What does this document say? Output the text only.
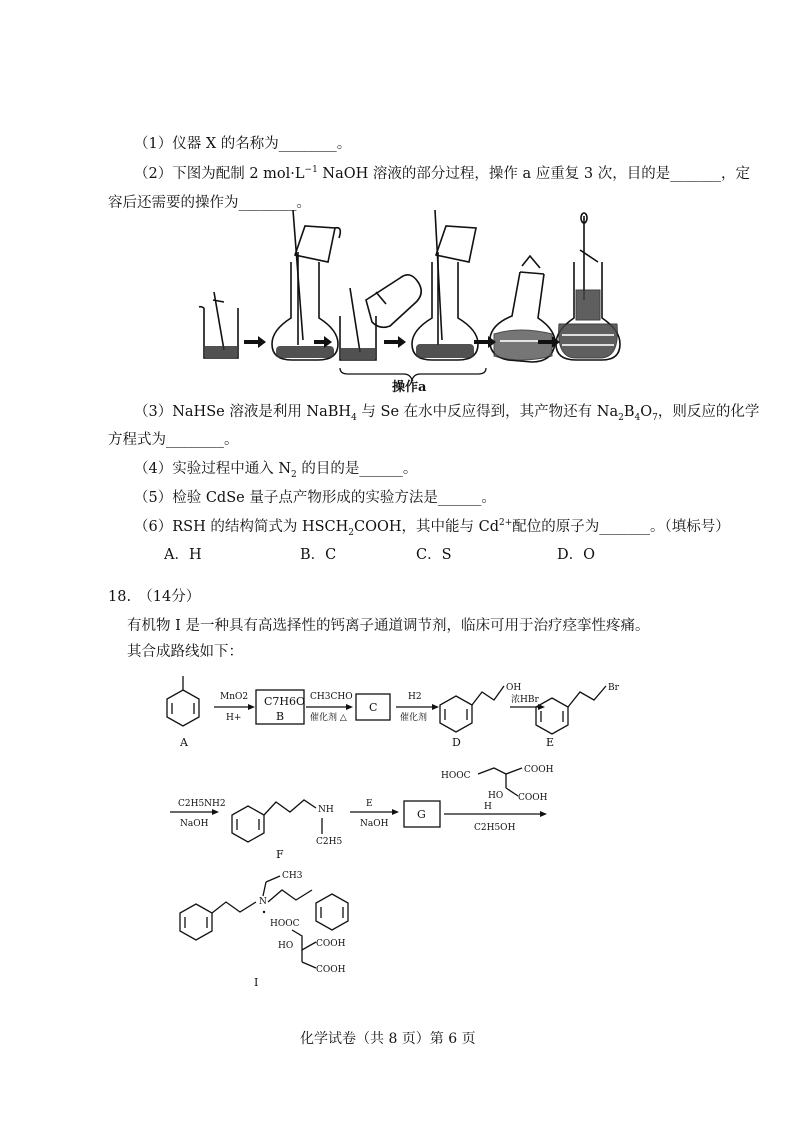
（1）仪器 X 的名称为________。
（2）下图为配制 2 $mol\cdot L^{-1}$ NaOH 溶液的部分过程，操作 a 应重复 3 次，目的是_______，定
容后还需要的操作为________。
操作a
（3）NaHSe 溶液是利用 NaBH$_4$ 与 Se 在水中反应得到，其产物还有 $Na_2B_4O_7$，则反应的化学
方程式为________。
（4）实验过程中通入 $N_2$ 的目的是______。
（5）检验 CdSe 量子点产物形成的实验方法是______。
（6）RSH 的结构简式为 $HSCH_2COOH$，其中能与 $Cd^{2+}$配位的原子为_______。（填标号）
A．H	B．C	C．S	D．O
18.　（14分）
有机物 I 是一种具有高选择性的钙离子通道调节剂，临床可用于治疗痉挛性疼痛。
其合成路线如下：
A
MnO2
H+
C7H6O
B
CH3CHO
催化剂 △
C
H2
催化剂
OH
D
浓HBr
Br
E
C2H5NH2
NaOH
NH
C2H5
F
E
NaOH
G
HOOC
COOH
COOH
HO
H
C2H5OH
CH3
N
HOOC
HO	COOH
COOH
I
化学试卷（共 8 页）第 6 页
